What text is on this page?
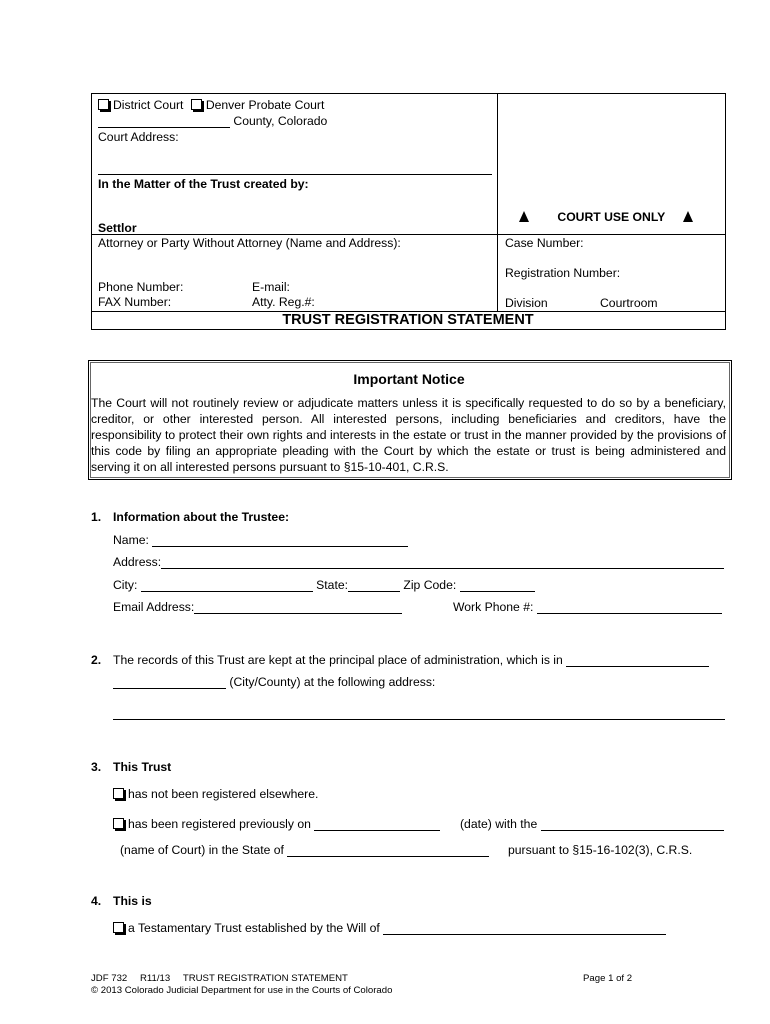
District Court Denver Probate Court
County, Colorado
Court Address:
In the Matter of the Trust created by:
Settlor
Attorney or Party Without Attorney (Name and Address):
Phone Number:	E-mail:
FAX Number:	Atty. Reg.#:
COURT USE ONLY
Case Number:
Registration Number:
Division	Courtroom
TRUST REGISTRATION STATEMENT
Important Notice
The Court will not routinely review or adjudicate matters unless it is specifically requested to do so by a beneficiary, creditor, or other interested person. All interested persons, including beneficiaries and creditors, have the responsibility to protect their own rights and interests in the estate or trust in the manner provided by the provisions of this code by filing an appropriate pleading with the Court by which the estate or trust is being administered and serving it on all interested persons pursuant to §15-10-401, C.R.S.
1. Information about the Trustee:
Name:
Address:
City:	State:	Zip Code:
Email Address:	Work Phone #:
2. The records of this Trust are kept at the principal place of administration, which is in
(City/County) at the following address:
3. This Trust
has not been registered elsewhere.
has been registered previously on	(date) with the
(name of Court) in the State of	pursuant to §15-16-102(3), C.R.S.
4. This is
a Testamentary Trust established by the Will of
JDF 732 R11/13 TRUST REGISTRATION STATEMENT	Page 1 of 2
© 2013 Colorado Judicial Department for use in the Courts of Colorado
